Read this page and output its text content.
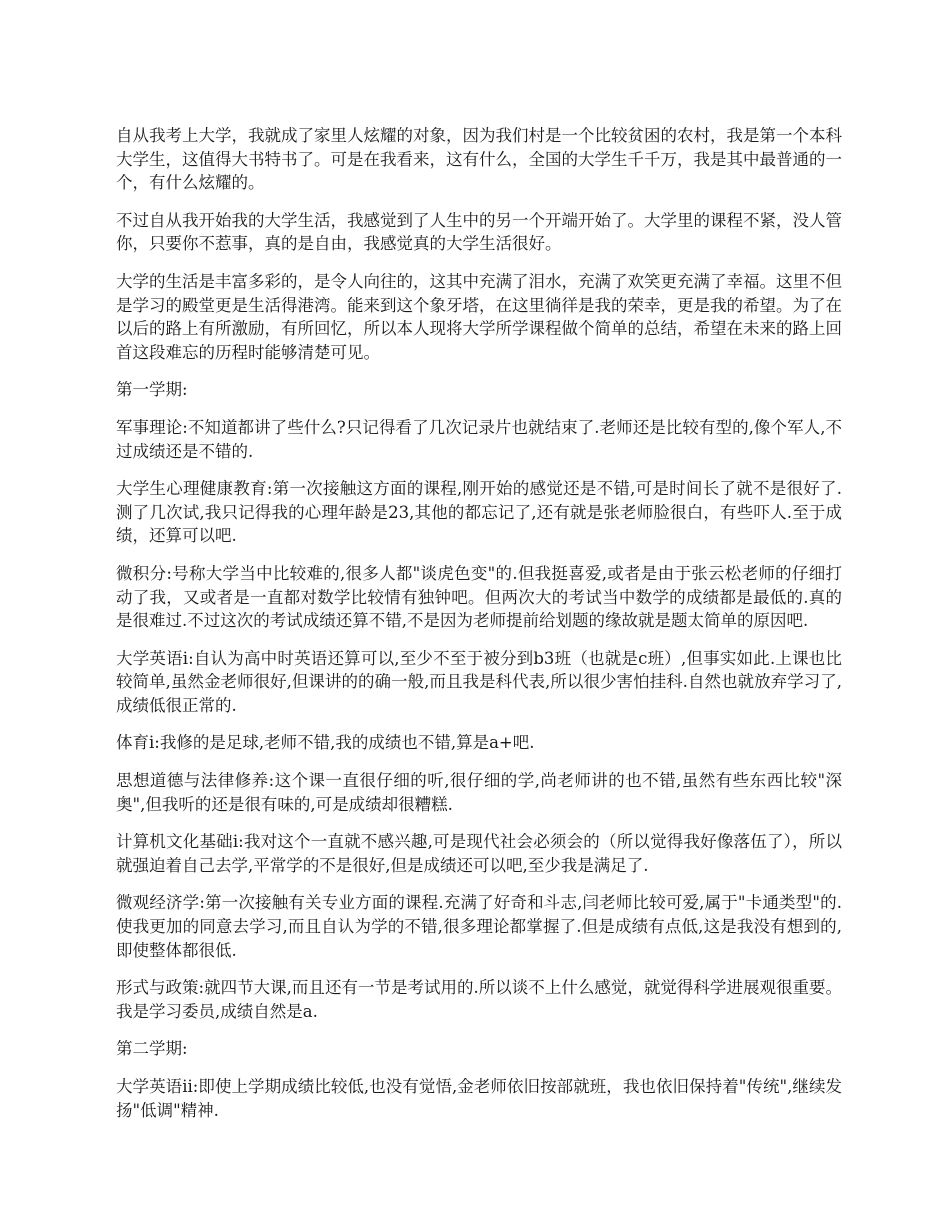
自从我考上大学，我就成了家里人炫耀的对象，因为我们村是一个比较贫困的农村，我是第一个本科大学生，这值得大书特书了。可是在我看来，这有什么，全国的大学生千千万，我是其中最普通的一个，有什么炫耀的。

不过自从我开始我的大学生活，我感觉到了人生中的另一个开端开始了。大学里的课程不紧，没人管你，只要你不惹事，真的是自由，我感觉真的大学生活很好。

大学的生活是丰富多彩的，是令人向往的，这其中充满了泪水，充满了欢笑更充满了幸福。这里不但是学习的殿堂更是生活得港湾。能来到这个象牙塔，在这里徜徉是我的荣幸，更是我的希望。为了在以后的路上有所激励，有所回忆，所以本人现将大学所学课程做个简单的总结，希望在未来的路上回首这段难忘的历程时能够清楚可见。

第一学期:

军事理论:不知道都讲了些什么?只记得看了几次记录片也就结束了.老师还是比较有型的,像个军人,不过成绩还是不错的.

大学生心理健康教育:第一次接触这方面的课程,刚开始的感觉还是不错,可是时间长了就不是很好了.测了几次试,我只记得我的心理年龄是23,其他的都忘记了,还有就是张老师脸很白，有些吓人.至于成绩，还算可以吧.

微积分:号称大学当中比较难的,很多人都"谈虎色变"的.但我挺喜爱,或者是由于张云松老师的仔细打动了我，又或者是一直都对数学比较情有独钟吧。但两次大的考试当中数学的成绩都是最低的.真的是很难过.不过这次的考试成绩还算不错,不是因为老师提前给划题的缘故就是题太简单的原因吧.

大学英语i:自认为高中时英语还算可以,至少不至于被分到b3班（也就是c班）,但事实如此.上课也比较简单,虽然金老师很好,但课讲的的确一般,而且我是科代表,所以很少害怕挂科.自然也就放弃学习了,成绩低很正常的.

体育i:我修的是足球,老师不错,我的成绩也不错,算是a+吧.

思想道德与法律修养:这个课一直很仔细的听,很仔细的学,尚老师讲的也不错,虽然有些东西比较"深奥",但我听的还是很有味的,可是成绩却很糟糕.

计算机文化基础i:我对这个一直就不感兴趣,可是现代社会必须会的（所以觉得我好像落伍了），所以就强迫着自己去学,平常学的不是很好,但是成绩还可以吧,至少我是满足了.

微观经济学:第一次接触有关专业方面的课程.充满了好奇和斗志,闫老师比较可爱,属于"卡通类型"的.使我更加的同意去学习,而且自认为学的不错,很多理论都掌握了.但是成绩有点低,这是我没有想到的,即使整体都很低.

形式与政策:就四节大课,而且还有一节是考试用的.所以谈不上什么感觉，就觉得科学进展观很重要。我是学习委员,成绩自然是a.

第二学期:

大学英语ii:即使上学期成绩比较低,也没有觉悟,金老师依旧按部就班，我也依旧保持着"传统",继续发扬"低调"精神.
